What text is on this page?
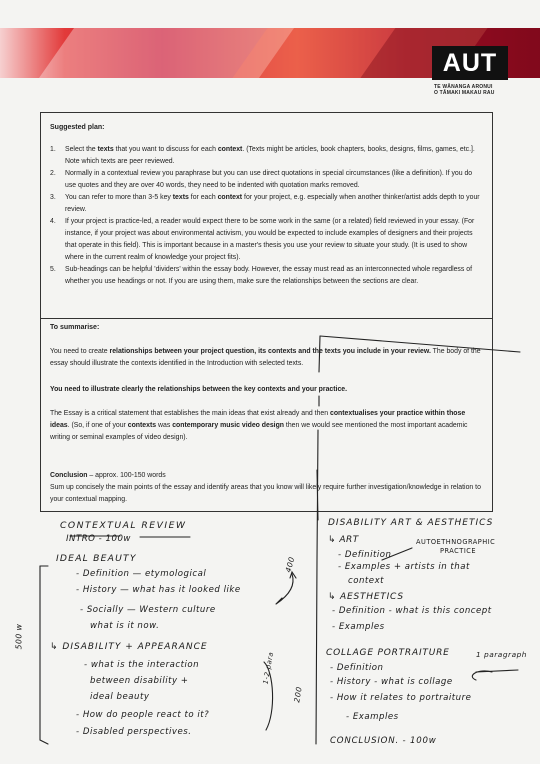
AUT
TE WĀNANGA ARONUI
O TĀMAKI MAKAU RAU
Suggested plan:
1. Select the texts that you want to discuss for each context. (Texts might be articles, book chapters, books, designs, films, games, etc.]. Note which texts are peer reviewed.
2. Normally in a contextual review you paraphrase but you can use direct quotations in special circumstances (like a definition). If you do use quotes and they are over 40 words, they need to be indented with quotation marks removed.
3. You can refer to more than 3-5 key texts for each context for your project, e.g. especially when another thinker/artist adds depth to your review.
4. If your project is practice-led, a reader would expect there to be some work in the same (or a related) field reviewed in your essay. (For instance, if your project was about environmental activism, you would be expected to include examples of designers and their projects that operate in this field). This is important because in a master's thesis you use your review to situate your study. (It is used to show where in the current realm of knowledge your project fits).
5. Sub-headings can be helpful 'dividers' within the essay body. However, the essay must read as an interconnected whole regardless of whether you use headings or not. If you are using them, make sure the relationships between the sections are clear.
To summarise:

You need to create relationships between your project question, its contexts and the texts you include in your review. The body of the essay should illustrate the contexts identified in the Introduction with selected texts.

You need to illustrate clearly the relationships between the key contexts and your practice.

The Essay is a critical statement that establishes the main ideas that exist already and then contextualises your practice within those ideas. (So, if one of your contexts was contemporary music video design then we would see mentioned the most important academic writing or seminal examples of video design).

Conclusion – approx. 100-150 words
Sum up concisely the main points of the essay and identify areas that you know will likely require further investigation/knowledge in relation to your contextual mapping.

CONTEXTUAL REVIEW
INTRO - 100w
IDEAL BEAUTY
- Definition — etymological
- History — what has it looked like
- Socially — Western culture
what is it now.
↳ DISABILITY + APPEARANCE
- what is the interaction
between disability +
ideal beauty
- How do people react to it?
- Disabled perspectives.
500 w
400
1-2 para
DISABILITY ART & AESTHETICS
↳ ART
- Definition
AUTOETHNOGRAPHIC
PRACTICE
- Examples + artists in that
context
↳ AESTHETICS
- Definition - what is this concept
- Examples
COLLAGE PORTRAITURE	1 paragraph
- Definition
- History - what is collage
- How it relates to portraiture
- Examples
CONCLUSION. - 100w
200
